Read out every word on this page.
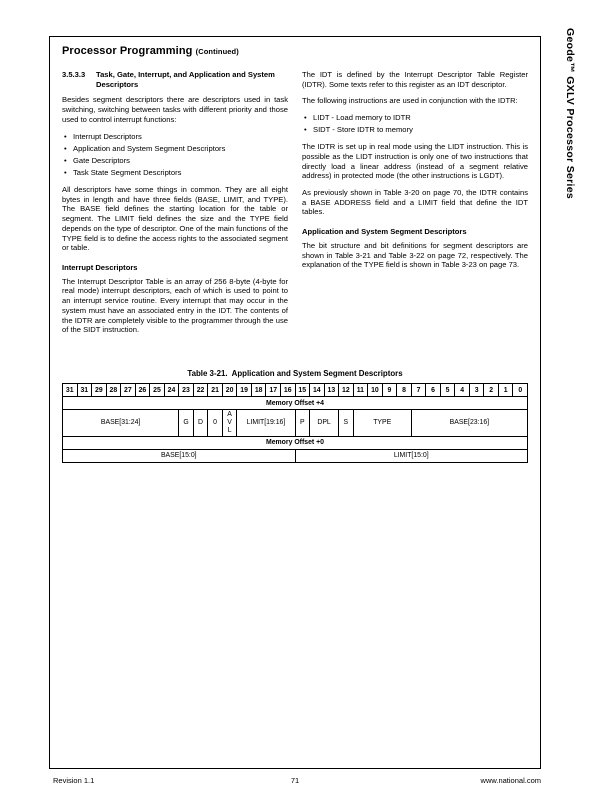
Processor Programming (Continued)
3.5.3.3	Task, Gate, Interrupt, and Application and System Descriptors

Besides segment descriptors there are descriptors used in task switching, switching between tasks with different priority and those used to control interrupt functions:

• Interrupt Descriptors
• Application and System Segment Descriptors
• Gate Descriptors
• Task State Segment Descriptors

All descriptors have some things in common. They are all eight bytes in length and have three fields (BASE, LIMIT, and TYPE). The BASE field defines the starting location for the table or segment. The LIMIT field defines the size and the TYPE field depends on the type of descriptor. One of the main functions of the TYPE field is to define the access rights to the associated segment or table.

Interrupt Descriptors

The Interrupt Descriptor Table is an array of 256 8-byte (4-byte for real mode) interrupt descriptors, each of which is used to point to an interrupt service routine. Every interrupt that may occur in the system must have an associated entry in the IDT. The contents of the IDTR are completely visible to the programmer through the use of the SIDT instruction.

The IDT is defined by the Interrupt Descriptor Table Register (IDTR). Some texts refer to this register as an IDT descriptor.

The following instructions are used in conjunction with the IDTR:

• LIDT - Load memory to IDTR
• SIDT - Store IDTR to memory

The IDTR is set up in real mode using the LIDT instruction. This is possible as the LIDT instruction is only one of two instructions that directly load a linear address (instead of a segment relative address) in protected mode (the other instructions is LGDT).

As previously shown in Table 3-20 on page 70, the IDTR contains a BASE ADDRESS field and a LIMIT field that define the IDT tables.

Application and System Segment Descriptors

The bit structure and bit definitions for segment descriptors are shown in Table 3-21 and Table 3-22 on page 72, respectively. The explanation of the TYPE field is shown in Table 3-23 on page 73.

Table 3-21.  Application and System Segment Descriptors
31	31	29	28	27	26	25	24	23	22	21	20	19	18	17	16	15	14	13	12	11	10	9	8	7	6	5	4	3	2	1	0
Memory Offset +4																															
BASE[31:24]								G	D	0	AVL	LIMIT[19:16]				P	DPL		S	TYPE				BASE[23:16]							
Memory Offset +0																															
BASE[15:0]																LIMIT[15:0]															
Geode™ GXLV Processor Series
Revision 1.1	71	www.national.com
